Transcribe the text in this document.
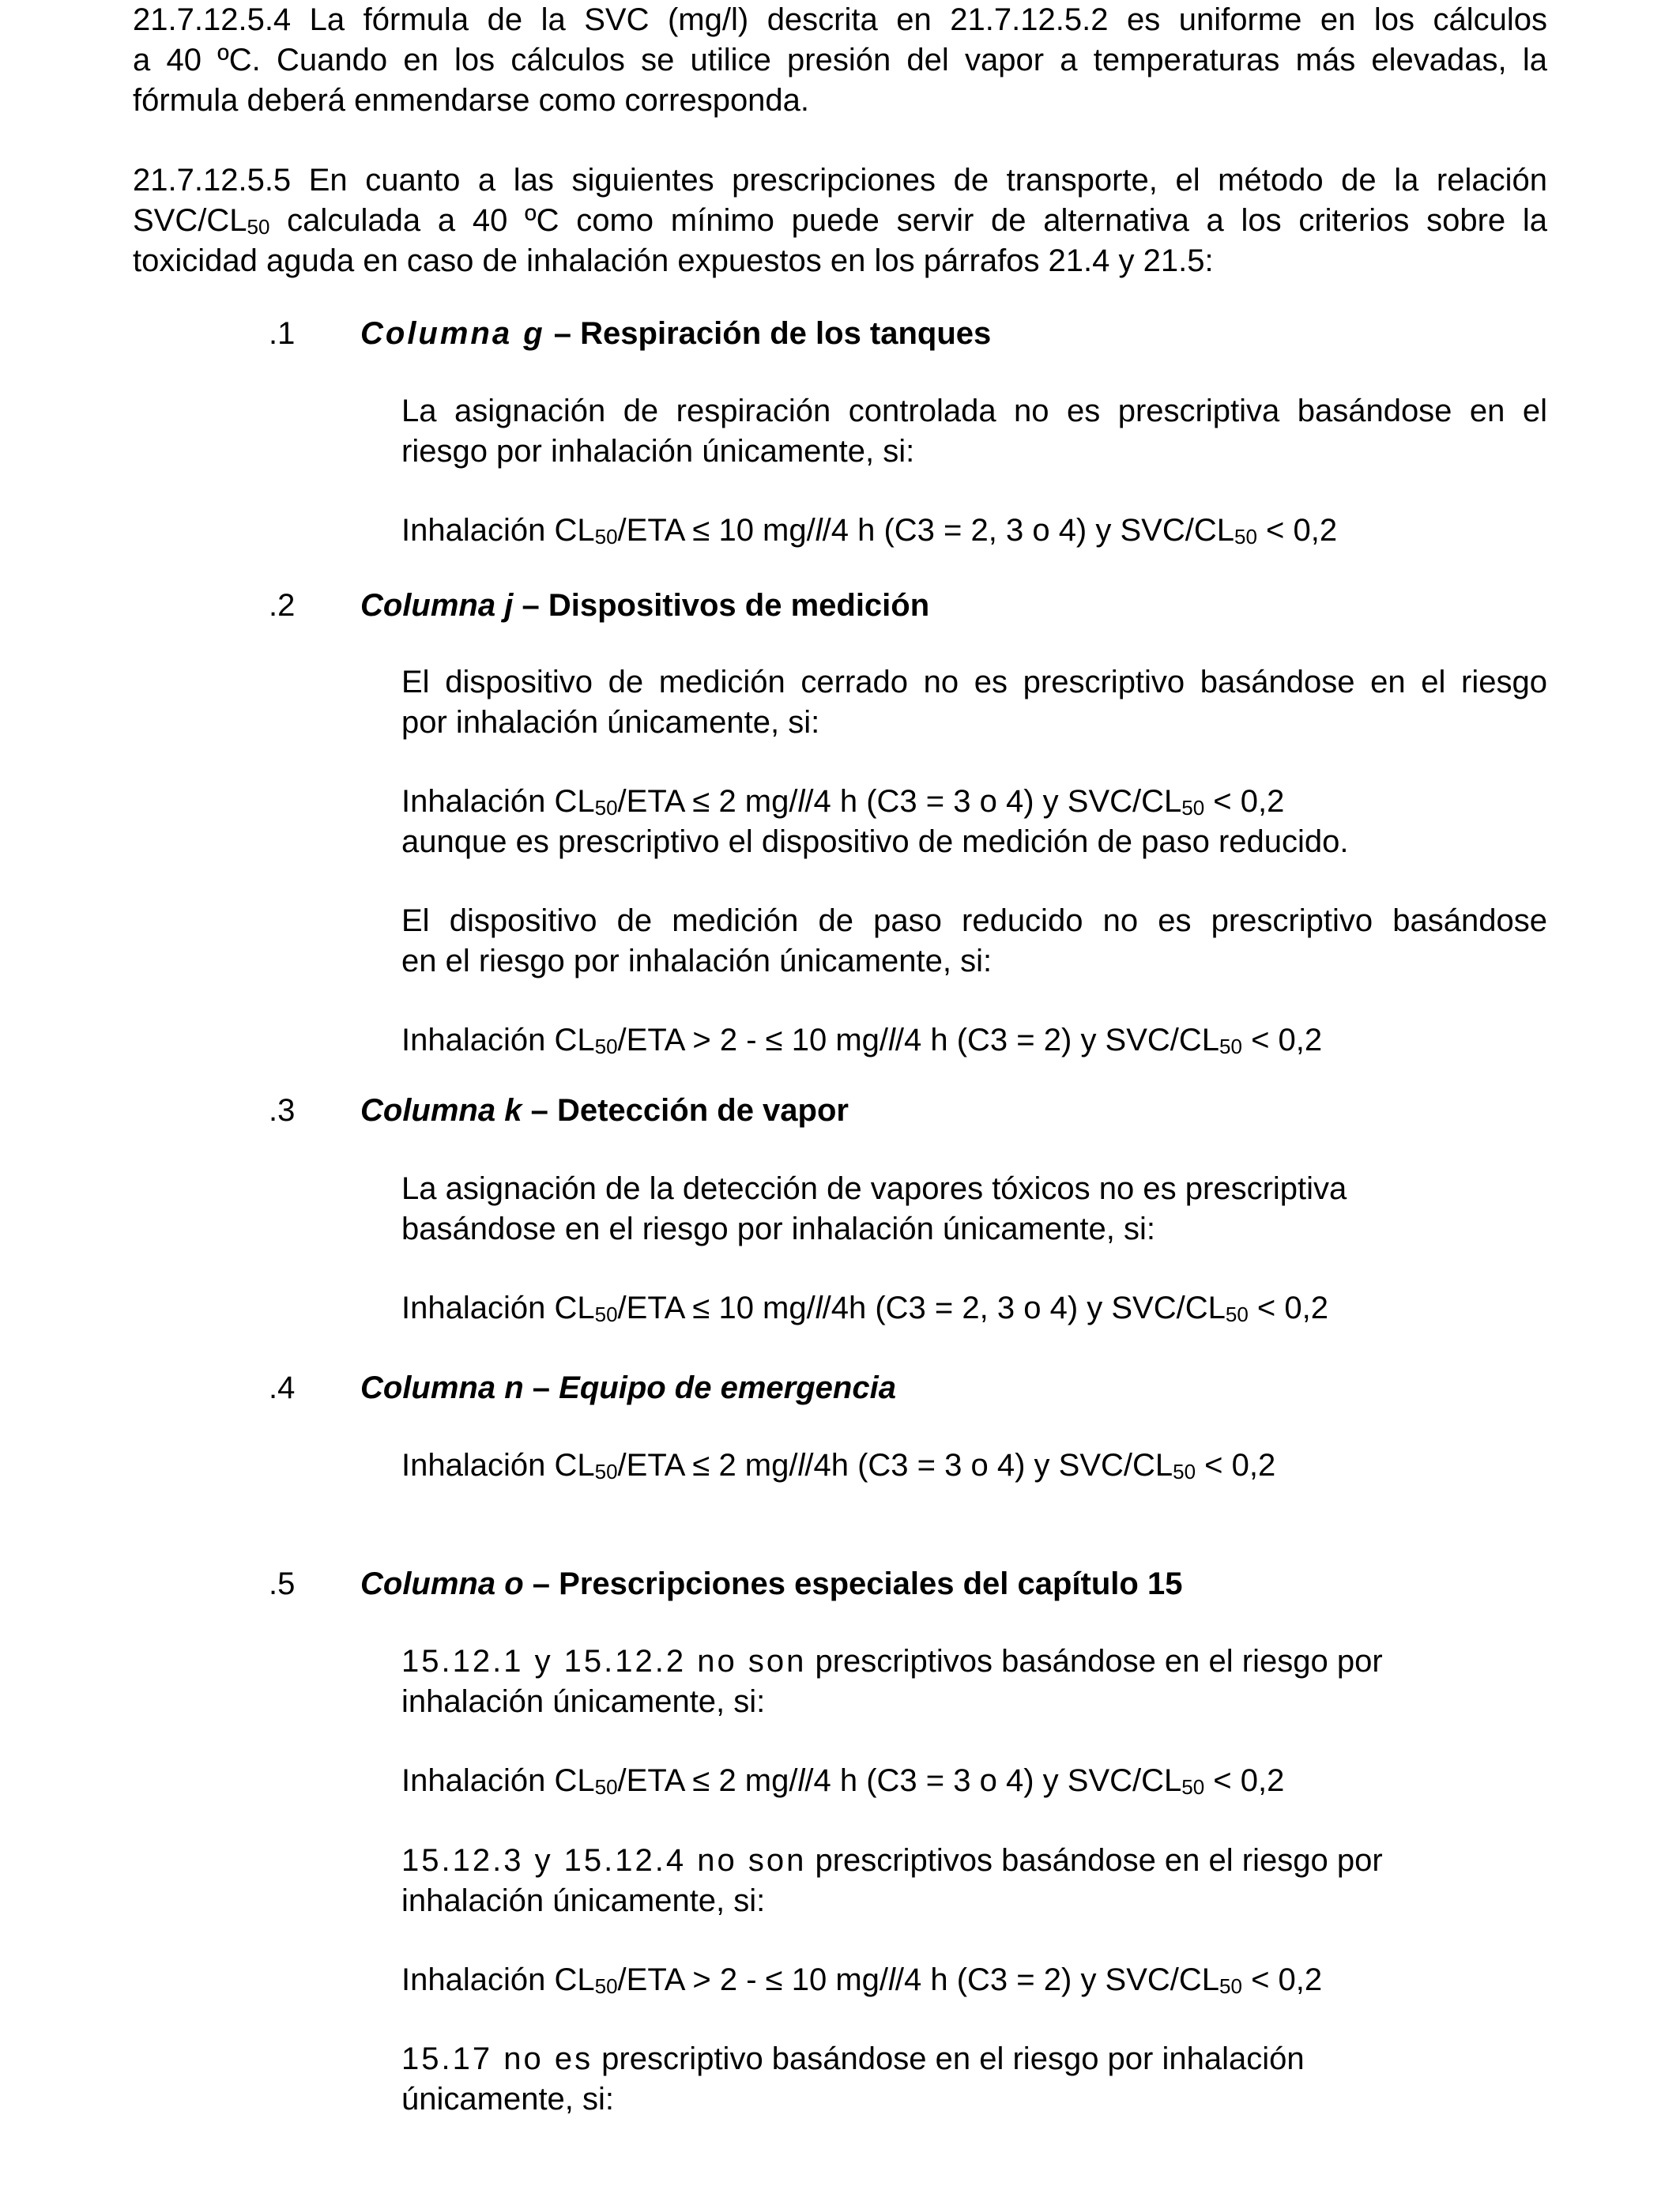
21.7.12.5.4 La fórmula de la SVC (mg/l) descrita en 21.7.12.5.2 es uniforme en los cálculos
a 40 ºC. Cuando en los cálculos se utilice presión del vapor a temperaturas más elevadas, la
fórmula deberá enmendarse como corresponda.
21.7.12.5.5 En cuanto a las siguientes prescripciones de transporte, el método de la relación
SVC/$CL_{50}$ calculada a 40 ºC como mínimo puede servir de alternativa a los criterios sobre la
toxicidad aguda en caso de inhalación expuestos en los párrafos 21.4 y 21.5:
.1 Columna g – Respiración de los tanques
La asignación de respiración controlada no es prescriptiva basándose en el
riesgo por inhalación únicamente, si:
Inhalación $CL_{50}$/ETA ≤ 10 mg/l/4 h (C3 = 2, 3 o 4) y SVC/$CL_{50} < 0,2$
.2 Columna j – Dispositivos de medición
El dispositivo de medición cerrado no es prescriptivo basándose en el riesgo
por inhalación únicamente, si:
Inhalación $CL_{50}$/ETA ≤ 2 mg/l/4 h (C3 = 3 o 4) y SVC/$CL_{50} < 0,2$
aunque es prescriptivo el dispositivo de medición de paso reducido.
El dispositivo de medición de paso reducido no es prescriptivo basándose
en el riesgo por inhalación únicamente, si:
Inhalación $CL_{50}$/ETA > 2 - ≤ 10 mg/l/4 h (C3 = 2) y SVC/$CL_{50} < 0,2$
.3 Columna k – Detección de vapor
La asignación de la detección de vapores tóxicos no es prescriptiva
basándose en el riesgo por inhalación únicamente, si:
Inhalación $CL_{50}$/ETA ≤ 10 mg/l/4h (C3 = 2, 3 o 4) y SVC/$CL_{50} < 0,2$
.4 Columna n – Equipo de emergencia
Inhalación $CL_{50}$/ETA ≤ 2 mg/l/4h (C3 = 3 o 4) y SVC/$CL_{50} < 0,2$
.5 Columna o – Prescripciones especiales del capítulo 15
15.12.1 y 15.12.2 no son prescriptivos basándose en el riesgo por
inhalación únicamente, si:
Inhalación $CL_{50}$/ETA ≤ 2 mg/l/4 h (C3 = 3 o 4) y SVC/$CL_{50} < 0,2$
15.12.3 y 15.12.4 no son prescriptivos basándose en el riesgo por
inhalación únicamente, si:
Inhalación $CL_{50}$/ETA > 2 - ≤ 10 mg/l/4 h (C3 = 2) y SVC/$CL_{50} < 0,2$
15.17 no es prescriptivo basándose en el riesgo por inhalación
únicamente, si:
